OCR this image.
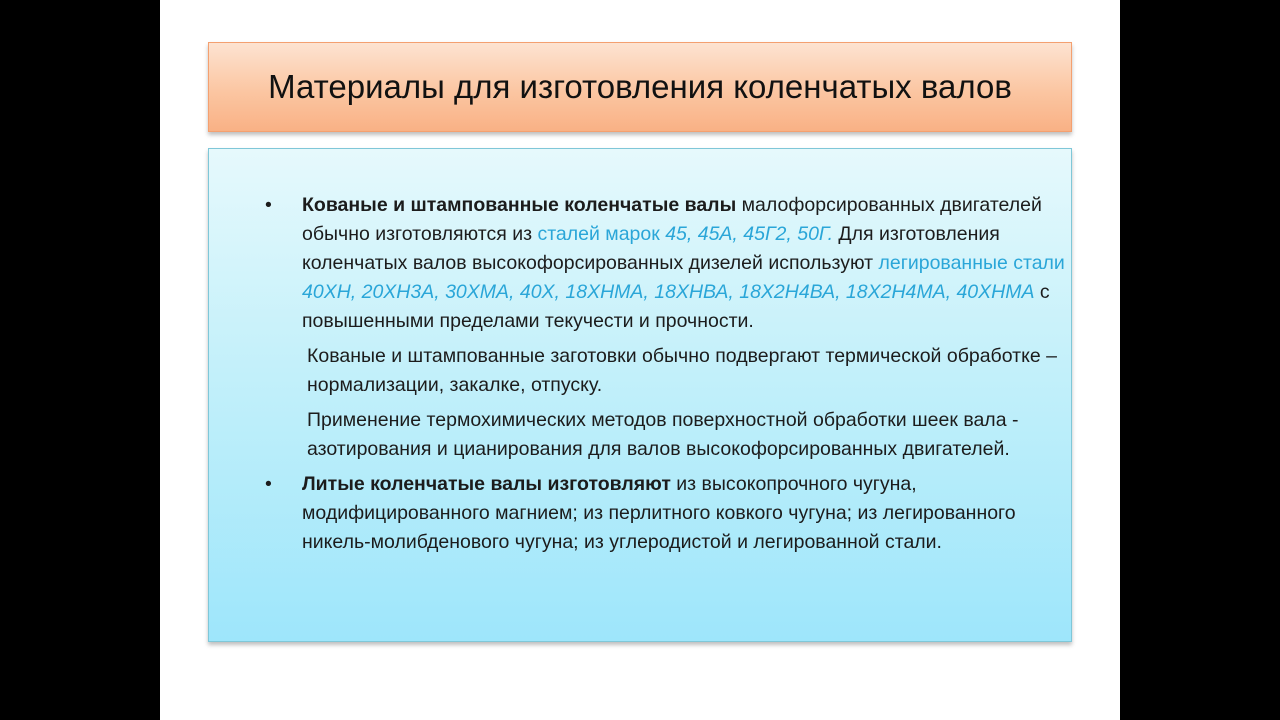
Материалы для изготовления коленчатых валов
• Кованые и штампованные коленчатые валы малофорсированных двигателей обычно изготовляются из сталей марок 45, 45А, 45Г2, 50Г. Для изготовления коленчатых валов высокофорсированных дизелей используют легированные стали 40ХН, 20ХН3А, 30ХМА, 40Х, 18ХНМА, 18ХНВА, 18Х2Н4ВА, 18Х2Н4МА, 40ХНМА с повышенными пределами текучести и прочности.
Кованые и штампованные заготовки обычно подвергают термической обработке – нормализации, закалке, отпуску.
Применение термохимических методов поверхностной обработки шеек вала - азотирования и цианирования для валов высокофорсированных двигателей.
• Литые коленчатые валы изготовляют из высокопрочного чугуна, модифицированного магнием; из перлитного ковкого чугуна; из легированного никель-молибденового чугуна; из углеродистой и легированной стали.
